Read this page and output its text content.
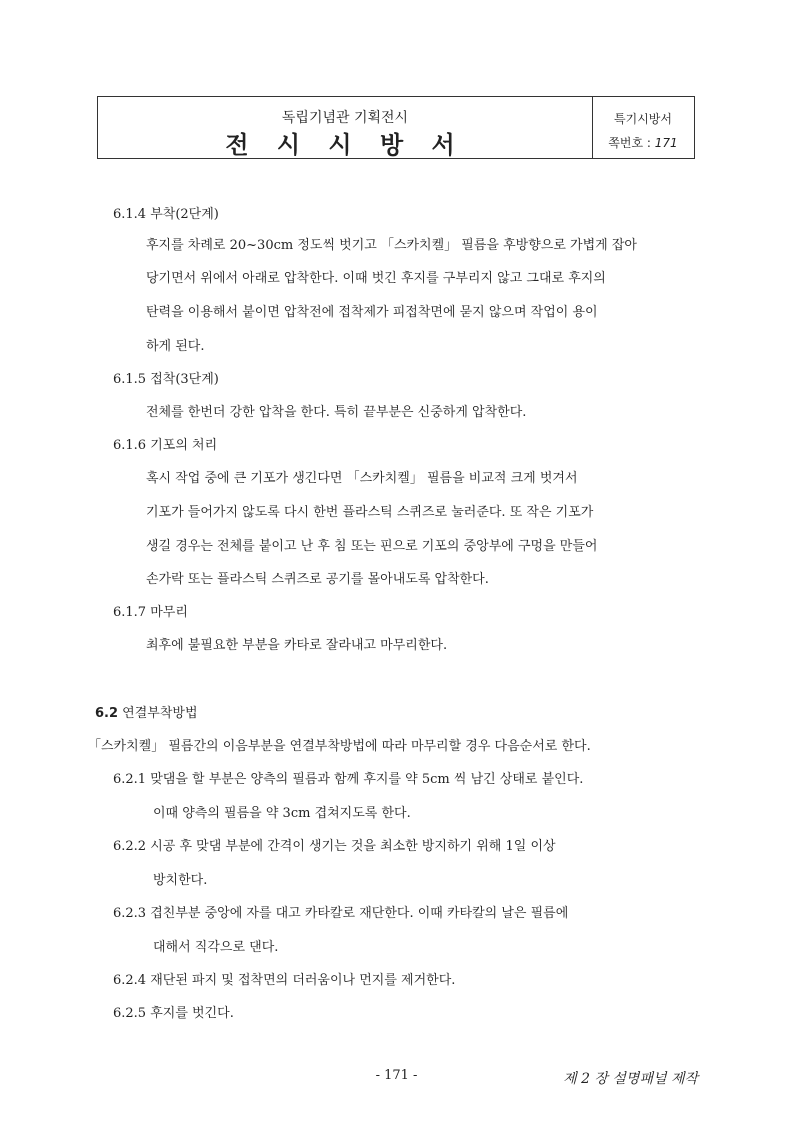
독립기념관 기획전시
전 시 시 방 서
특기시방서
쪽번호 : 171
6.1.4 부착(2단계)
후지를 차례로 20~30cm 정도씩 벗기고 「스카치켈」 필름을 후방향으로 가볍게 잡아
당기면서 위에서 아래로 압착한다. 이때 벗긴 후지를 구부리지 않고 그대로 후지의
탄력을 이용해서 붙이면 압착전에 접착제가 피접착면에 묻지 않으며 작업이 용이
하게 된다.
6.1.5 접착(3단계)
전체를 한번더 강한 압착을 한다. 특히 끝부분은 신중하게 압착한다.
6.1.6 기포의 처리
혹시 작업 중에 큰 기포가 생긴다면 「스카치켈」 필름을 비교적 크게 벗겨서
기포가 들어가지 않도록 다시 한번 플라스틱 스퀴즈로 눌러준다. 또 작은 기포가
생길 경우는 전체를 붙이고 난 후 침 또는 핀으로 기포의 중앙부에 구멍을 만들어
손가락 또는 플라스틱 스퀴즈로 공기를 몰아내도록 압착한다.
6.1.7 마무리
최후에 불필요한 부분을 카타로 잘라내고 마무리한다.
6.2 연결부착방법
「스카치켈」 필름간의 이음부분을 연결부착방법에 따라 마무리할 경우 다음순서로 한다.
6.2.1 맞댐을 할 부분은 양측의 필름과 함께 후지를 약 5cm 씩 남긴 상태로 붙인다.
이때 양측의 필름을 약 3cm 겹쳐지도록 한다.
6.2.2 시공 후 맞댐 부분에 간격이 생기는 것을 최소한 방지하기 위해 1일 이상
방치한다.
6.2.3 겹친부분 중앙에 자를 대고 카타칼로 재단한다. 이때 카타칼의 날은 필름에
대해서 직각으로 댄다.
6.2.4 재단된 파지 및 접착면의 더러움이나 먼지를 제거한다.
6.2.5 후지를 벗긴다.
- 171 -	제 2 장 설명패널 제작
